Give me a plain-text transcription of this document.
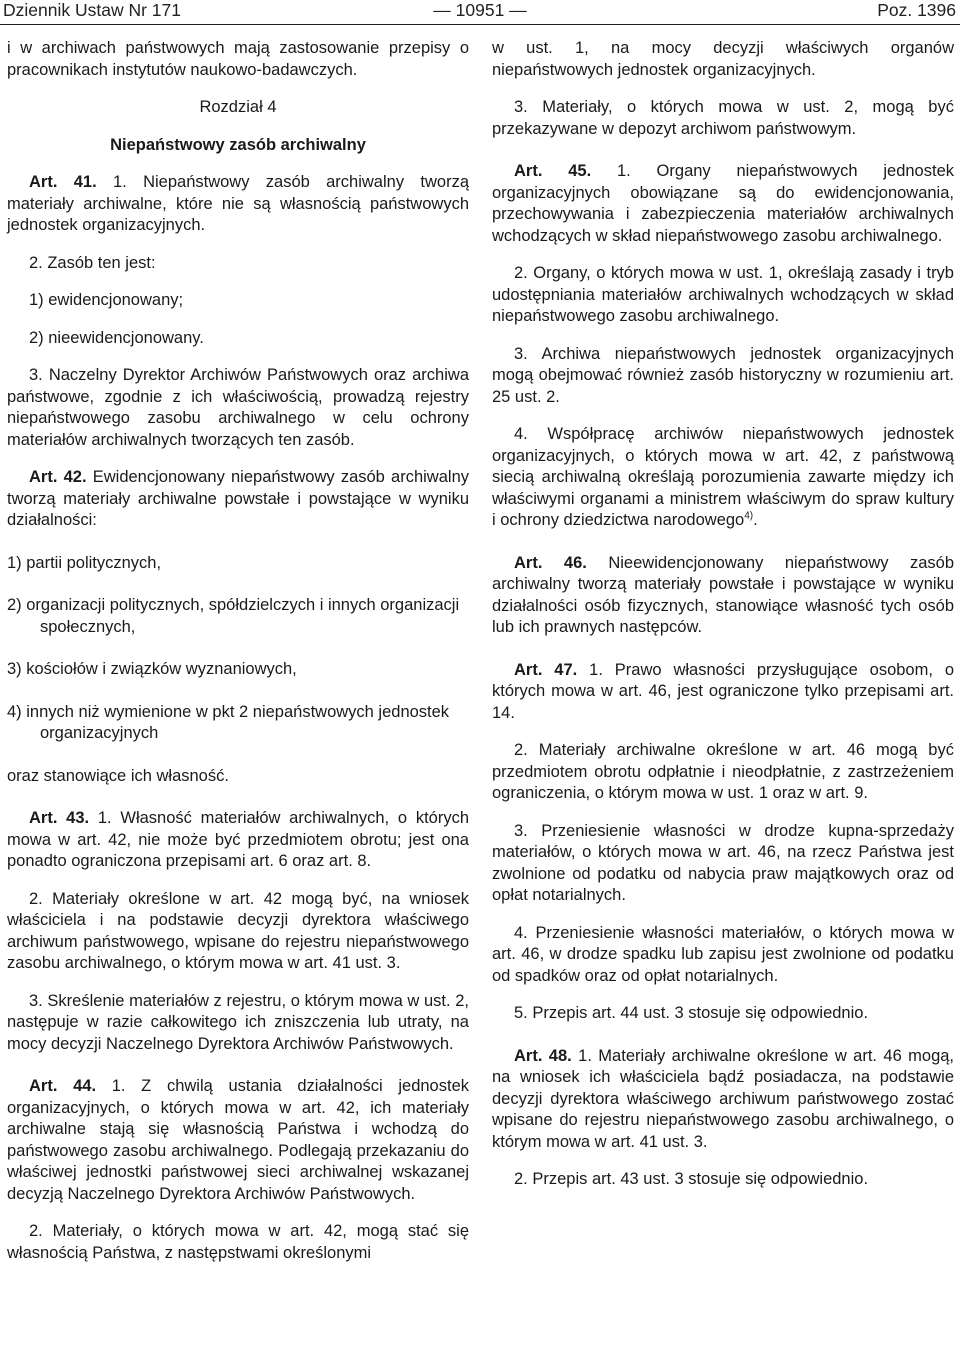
Dziennik Ustaw Nr 171	— 10951 —	Poz. 1396

i w archiwach państwowych mają zastosowanie przepisy o pracownikach instytutów naukowo-badawczych.

Rozdział 4

Niepaństwowy zasób archiwalny

Art. 41. 1. Niepaństwowy zasób archiwalny tworzą materiały archiwalne, które nie są własnością państwowych jednostek organizacyjnych.

2. Zasób ten jest:

1) ewidencjonowany;

2) nieewidencjonowany.

3. Naczelny Dyrektor Archiwów Państwowych oraz archiwa państwowe, zgodnie z ich właściwością, prowadzą rejestry niepaństwowego zasobu archiwalnego w celu ochrony materiałów archiwalnych tworzących ten zasób.

Art. 42. Ewidencjonowany niepaństwowy zasób archiwalny tworzą materiały archiwalne powstałe i powstające w wyniku działalności:

1) partii politycznych,

2) organizacji politycznych, spółdzielczych i innych organizacji społecznych,

3) kościołów i związków wyznaniowych,

4) innych niż wymienione w pkt 2 niepaństwowych jednostek organizacyjnych

oraz stanowiące ich własność.

Art. 43. 1. Własność materiałów archiwalnych, o których mowa w art. 42, nie może być przedmiotem obrotu; jest ona ponadto ograniczona przepisami art. 6 oraz art. 8.

2. Materiały określone w art. 42 mogą być, na wniosek właściciela i na podstawie decyzji dyrektora właściwego archiwum państwowego, wpisane do rejestru niepaństwowego zasobu archiwalnego, o którym mowa w art. 41 ust. 3.

3. Skreślenie materiałów z rejestru, o którym mowa w ust. 2, następuje w razie całkowitego ich zniszczenia lub utraty, na mocy decyzji Naczelnego Dyrektora Archiwów Państwowych.

Art. 44. 1. Z chwilą ustania działalności jednostek organizacyjnych, o których mowa w art. 42, ich materiały archiwalne stają się własnością Państwa i wchodzą do państwowego zasobu archiwalnego. Podlegają przekazaniu do właściwej jednostki państwowej sieci archiwalnej wskazanej decyzją Naczelnego Dyrektora Archiwów Państwowych.

2. Materiały, o których mowa w art. 42, mogą stać się własnością Państwa, z następstwami określonymi

w ust. 1, na mocy decyzji właściwych organów niepaństwowych jednostek organizacyjnych.

3. Materiały, o których mowa w ust. 2, mogą być przekazywane w depozyt archiwom państwowym.

Art. 45. 1. Organy niepaństwowych jednostek organizacyjnych obowiązane są do ewidencjonowania, przechowywania i zabezpieczenia materiałów archiwalnych wchodzących w skład niepaństwowego zasobu archiwalnego.

2. Organy, o których mowa w ust. 1, określają zasady i tryb udostępniania materiałów archiwalnych wchodzących w skład niepaństwowego zasobu archiwalnego.

3. Archiwa niepaństwowych jednostek organizacyjnych mogą obejmować również zasób historyczny w rozumieniu art. 25 ust. 2.

4. Współpracę archiwów niepaństwowych jednostek organizacyjnych, o których mowa w art. 42, z państwową siecią archiwalną określają porozumienia zawarte między ich właściwymi organami a ministrem właściwym do spraw kultury i ochrony dziedzictwa narodowego$^{4)}$.

Art. 46. Nieewidencjonowany niepaństwowy zasób archiwalny tworzą materiały powstałe i powstające w wyniku działalności osób fizycznych, stanowiące własność tych osób lub ich prawnych następców.

Art. 47. 1. Prawo własności przysługujące osobom, o których mowa w art. 46, jest ograniczone tylko przepisami art. 14.

2. Materiały archiwalne określone w art. 46 mogą być przedmiotem obrotu odpłatnie i nieodpłatnie, z zastrzeżeniem ograniczenia, o którym mowa w ust. 1 oraz w art. 9.

3. Przeniesienie własności w drodze kupna-sprzedaży materiałów, o których mowa w art. 46, na rzecz Państwa jest zwolnione od podatku od nabycia praw majątkowych oraz od opłat notarialnych.

4. Przeniesienie własności materiałów, o których mowa w art. 46, w drodze spadku lub zapisu jest zwolnione od podatku od spadków oraz od opłat notarialnych.

5. Przepis art. 44 ust. 3 stosuje się odpowiednio.

Art. 48. 1. Materiały archiwalne określone w art. 46 mogą, na wniosek ich właściciela bądź posiadacza, na podstawie decyzji dyrektora właściwego archiwum państwowego zostać wpisane do rejestru niepaństwowego zasobu archiwalnego, o którym mowa w art. 41 ust. 3.

2. Przepis art. 43 ust. 3 stosuje się odpowiednio.
